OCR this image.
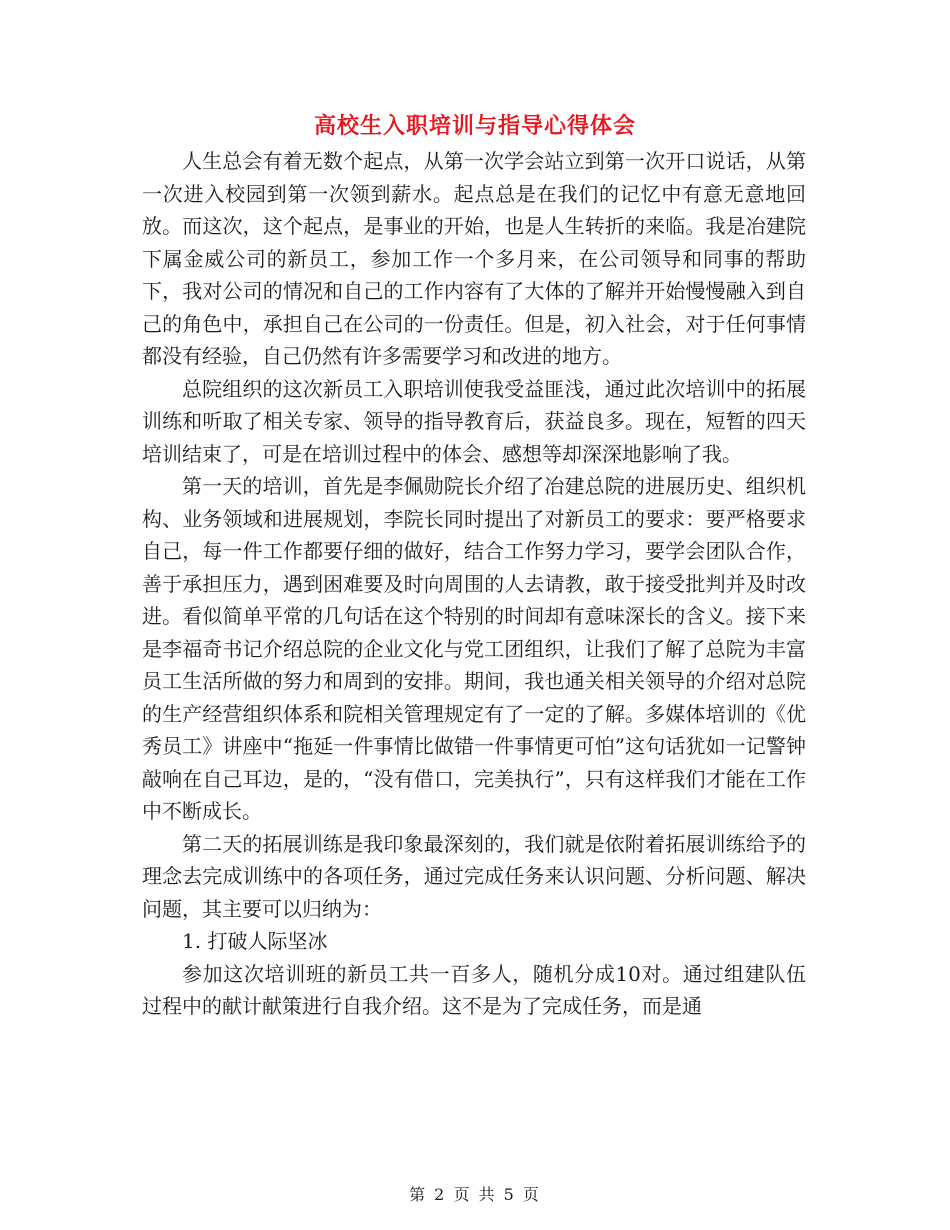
高校生入职培训与指导心得体会

人生总会有着无数个起点，从第一次学会站立到第一次开口说话，从第一次进入校园到第一次领到薪水。起点总是在我们的记忆中有意无意地回放。而这次，这个起点，是事业的开始，也是人生转折的来临。我是冶建院下属金威公司的新员工，参加工作一个多月来，在公司领导和同事的帮助下，我对公司的情况和自己的工作内容有了大体的了解并开始慢慢融入到自己的角色中，承担自己在公司的一份责任。但是，初入社会，对于任何事情都没有经验，自己仍然有许多需要学习和改进的地方。

总院组织的这次新员工入职培训使我受益匪浅，通过此次培训中的拓展训练和听取了相关专家、领导的指导教育后，获益良多。现在，短暂的四天培训结束了，可是在培训过程中的体会、感想等却深深地影响了我。

第一天的培训，首先是李佩勋院长介绍了冶建总院的进展历史、组织机构、业务领域和进展规划，李院长同时提出了对新员工的要求：要严格要求自己，每一件工作都要仔细的做好，结合工作努力学习，要学会团队合作，善于承担压力，遇到困难要及时向周围的人去请教，敢于接受批判并及时改进。看似简单平常的几句话在这个特别的时间却有意味深长的含义。接下来是李福奇书记介绍总院的企业文化与党工团组织，让我们了解了总院为丰富员工生活所做的努力和周到的安排。期间，我也通关相关领导的介绍对总院的生产经营组织体系和院相关管理规定有了一定的了解。多媒体培训的《优秀员工》讲座中“拖延一件事情比做错一件事情更可怕”这句话犹如一记警钟敲响在自己耳边，是的，“没有借口，完美执行”，只有这样我们才能在工作中不断成长。

第二天的拓展训练是我印象最深刻的，我们就是依附着拓展训练给予的理念去完成训练中的各项任务，通过完成任务来认识问题、分析问题、解决问题，其主要可以归纳为：

1. 打破人际坚冰

参加这次培训班的新员工共一百多人，随机分成10对。通过组建队伍过程中的献计献策进行自我介绍。这不是为了完成任务，而是通

第 2 页 共 5 页
